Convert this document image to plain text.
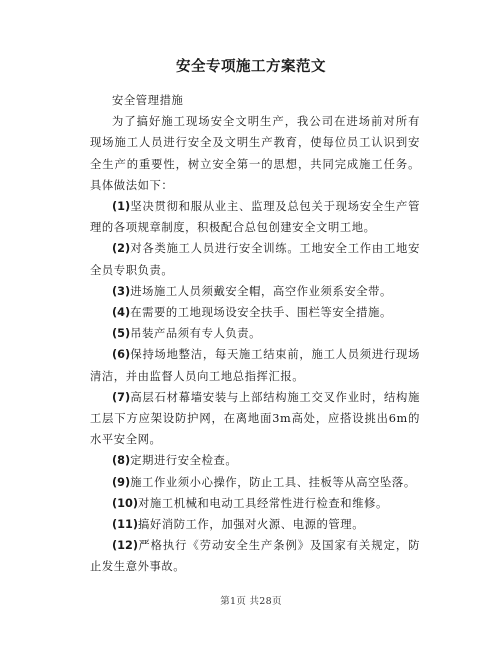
安全专项施工方案范文

安全管理措施

为了搞好施工现场安全文明生产，我公司在进场前对所有现场施工人员进行安全及文明生产教育，使每位员工认识到安全生产的重要性，树立安全第一的思想，共同完成施工任务。具体做法如下：

(1)坚决贯彻和服从业主、监理及总包关于现场安全生产管理的各项规章制度，积极配合总包创建安全文明工地。

(2)对各类施工人员进行安全训练。工地安全工作由工地安全员专职负责。

(3)进场施工人员须戴安全帽，高空作业须系安全带。

(4)在需要的工地现场设安全扶手、围栏等安全措施。

(5)吊装产品须有专人负责。

(6)保持场地整洁，每天施工结束前，施工人员须进行现场清洁，并由监督人员向工地总指挥汇报。

(7)高层石材幕墙安装与上部结构施工交叉作业时，结构施工层下方应架设防护网，在离地面3m高处，应搭设挑出6m的水平安全网。

(8)定期进行安全检查。

(9)施工作业须小心操作，防止工具、挂板等从高空坠落。

(10)对施工机械和电动工具经常性进行检查和维修。

(11)搞好消防工作，加强对火源、电源的管理。

(12)严格执行《劳动安全生产条例》及国家有关规定，防止发生意外事故。

第1页 共28页
